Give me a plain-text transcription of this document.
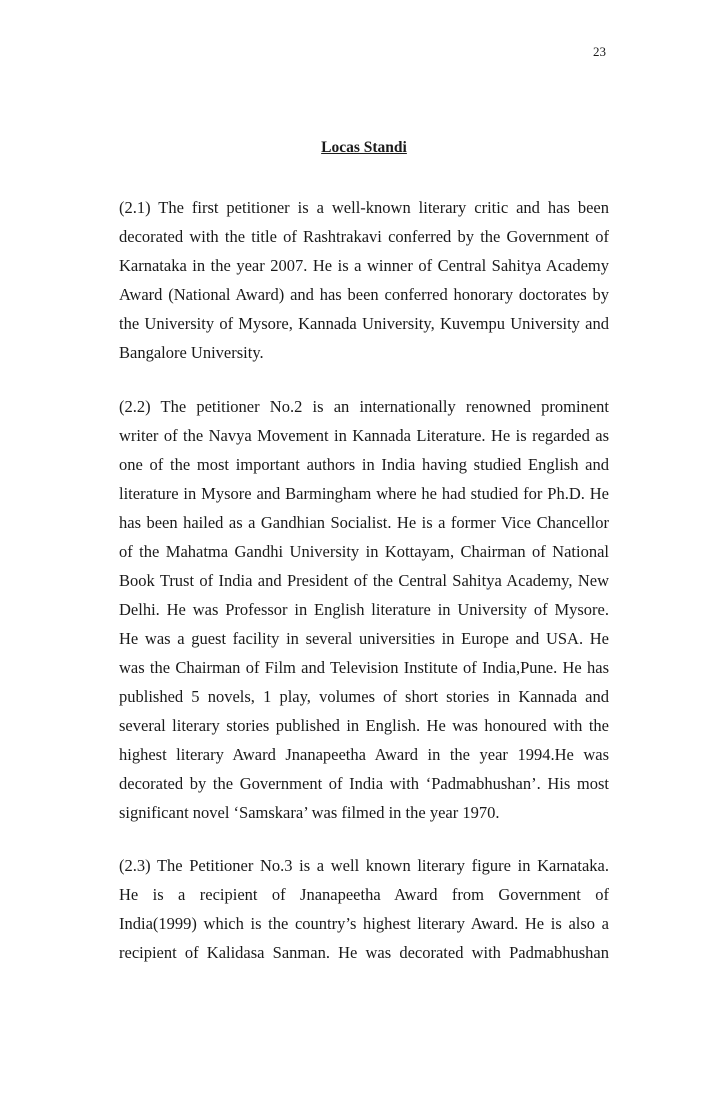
23
Locas Standi
(2.1) The first petitioner is a well-known literary critic and has been
decorated with the title of Rashtrakavi conferred by the Government of
Karnataka in the year 2007. He is a winner of Central Sahitya Academy
Award (National Award) and has been conferred honorary doctorates by
the University of Mysore, Kannada University, Kuvempu University and
Bangalore University.
(2.2) The petitioner No.2 is an internationally renowned prominent
writer of the Navya Movement in Kannada Literature. He is regarded as
one of the most important authors in India having studied English and
literature in Mysore and Barmingham where he had studied for Ph.D. He
has been hailed as a Gandhian Socialist. He is a former Vice Chancellor
of the Mahatma Gandhi University in Kottayam, Chairman of National
Book Trust of India and President of the Central Sahitya Academy, New
Delhi. He was Professor in English literature in University of Mysore.
He was a guest facility in several universities in Europe and USA. He
was the Chairman of Film and Television Institute of India,Pune. He has
published 5 novels, 1 play, volumes of short stories in Kannada and
several literary stories published in English. He was honoured with the
highest literary Award Jnanapeetha Award in the year 1994.He was
decorated by the Government of India with ‘Padmabhushan’. His most
significant novel ‘Samskara’ was filmed in the year 1970.
(2.3) The Petitioner No.3 is a well known literary figure in Karnataka.
He is a recipient of Jnanapeetha Award from Government of
India(1999) which is the country’s highest literary Award. He is also a
recipient of Kalidasa Sanman. He was decorated with Padmabhushan
